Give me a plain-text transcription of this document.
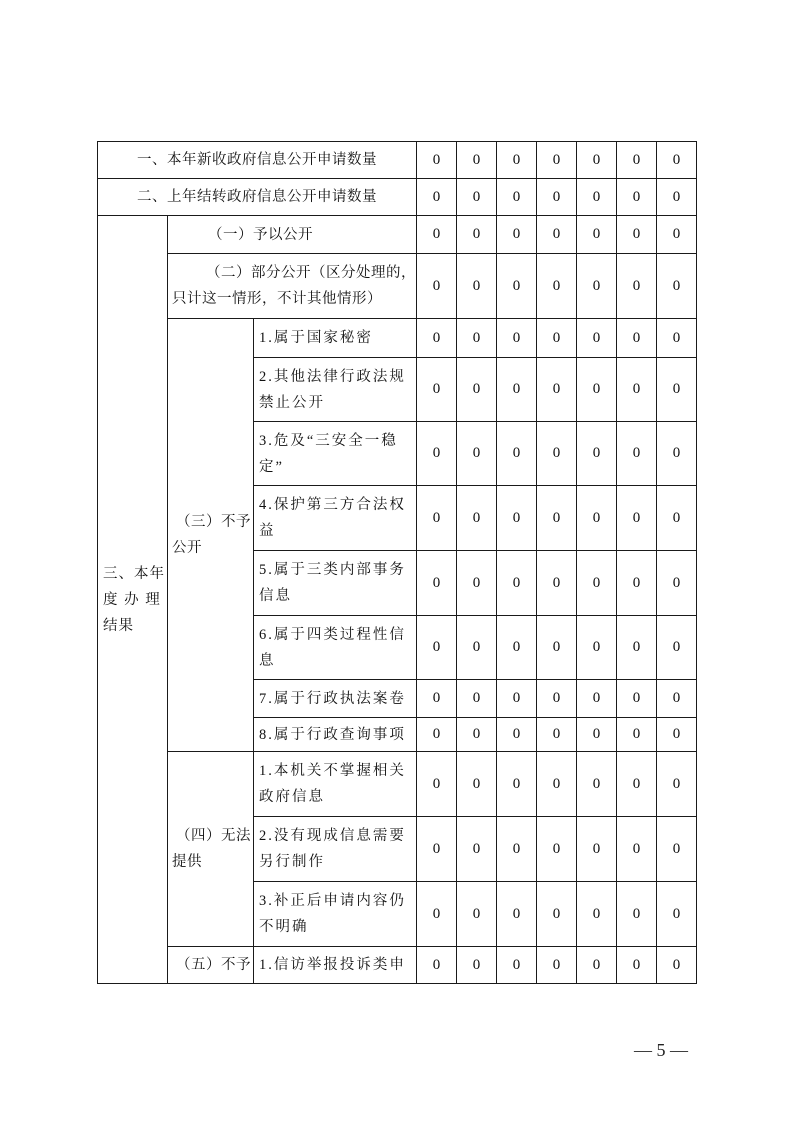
一、本年新收政府信息公开申请数量	0	0	0	0	0	0	0
二、上年结转政府信息公开申请数量	0	0	0	0	0	0	0
三、本年
度 办 理
结果
（一）予以公开	0	0	0	0	0	0	0
（二）部分公开（区分处理的，
只计这一情形，不计其他情形）
0	0	0	0	0	0	0
（三）不予
公开
1.属于国家秘密	0	0	0	0	0	0	0
2.其他法律行政法规
禁止公开
0	0	0	0	0	0	0
3.危及“三安全一稳
定”
0	0	0	0	0	0	0
4.保护第三方合法权
益
0	0	0	0	0	0	0
5.属于三类内部事务
信息
0	0	0	0	0	0	0
6.属于四类过程性信
息
0	0	0	0	0	0	0
7.属于行政执法案卷	0	0	0	0	0	0	0
8.属于行政查询事项	0	0	0	0	0	0	0
（四）无法
提供
1.本机关不掌握相关
政府信息
0	0	0	0	0	0	0
2.没有现成信息需要
另行制作
0	0	0	0	0	0	0
3.补正后申请内容仍
不明确
0	0	0	0	0	0	0
（五）不予 1.信访举报投诉类申	0	0	0	0	0	0	0
— 5 —
